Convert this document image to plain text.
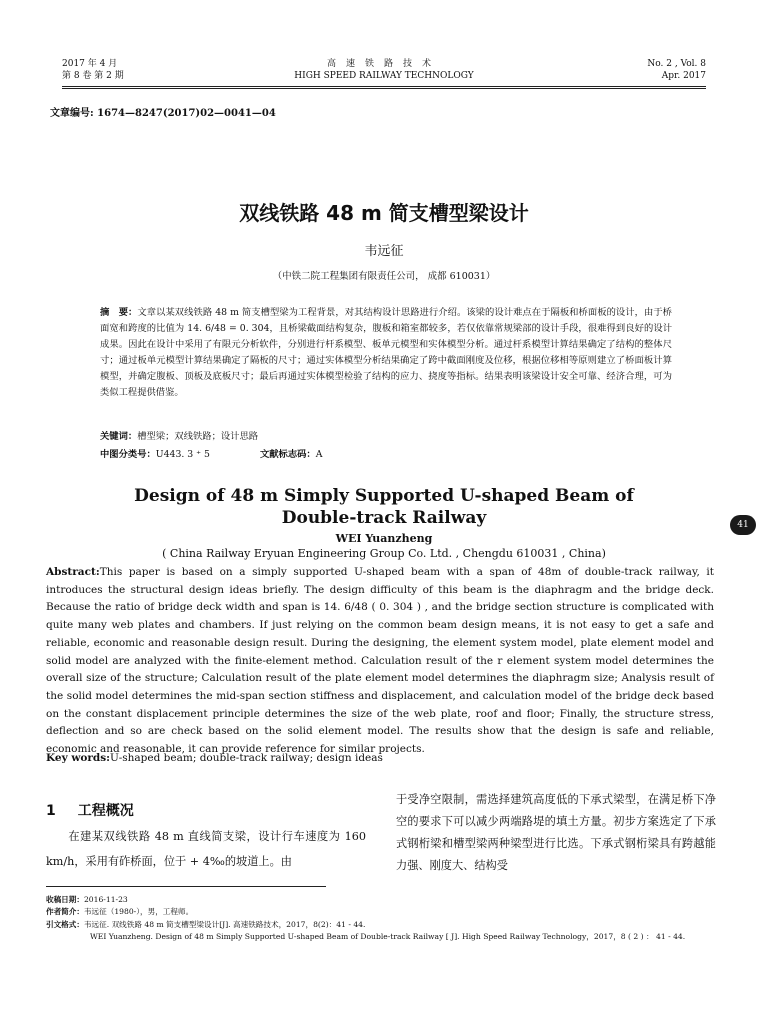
2017 年 4 月
第 8 卷 第 2 期
高速铁路技术
HIGH SPEED RAILWAY TECHNOLOGY
No. 2 , Vol. 8
Apr. 2017
文章编号: 1674—8247(2017)02—0041—04
双线铁路 48 m 简支槽型梁设计
韦远征
（中铁二院工程集团有限责任公司， 成都 610031）
摘　要：文章以某双线铁路 48 m 简支槽型梁为工程背景，对其结构设计思路进行介绍。该梁的设计难点在于隔板和桥面板的设计，由于桥面宽和跨度的比值为 14. 6/48 = 0. 304，且桥梁截面结构复杂，腹板和箱室都较多，若仅依靠常规梁部的设计手段，很难得到良好的设计成果。因此在设计中采用了有限元分析软件，分别进行杆系模型、板单元模型和实体模型分析。通过杆系模型计算结果确定了结构的整体尺寸；通过板单元模型计算结果确定了隔板的尺寸；通过实体模型分析结果确定了跨中截面刚度及位移，根据位移相等原则建立了桥面板计算模型，并确定腹板、顶板及底板尺寸；最后再通过实体模型检验了结构的应力、挠度等指标。结果表明该梁设计安全可靠、经济合理，可为类似工程提供借鉴。
关键词：槽型梁；双线铁路；设计思路
中图分类号：U443. 3 ⁺ 5	文献标志码：A
Design of 48 m Simply Supported U-shaped Beam of Double-track Railway
WEI Yuanzheng
( China Railway Eryuan Engineering Group Co. Ltd. , Chengdu 610031 , China)
Abstract:This paper is based on a simply supported U-shaped beam with a span of 48m of double-track railway, it introduces the structural design ideas briefly. The design difficulty of this beam is the diaphragm and the bridge deck. Because the ratio of bridge deck width and span is 14. 6/48 ( 0. 304 ) , and the bridge section structure is complicated with quite many web plates and chambers. If just relying on the common beam design means, it is not easy to get a safe and reliable, economic and reasonable design result. During the designing, the element system model, plate element model and solid model are analyzed with the finite-element method. Calculation result of the r element system model determines the overall size of the structure; Calculation result of the plate element model determines the diaphragm size; Analysis result of the solid model determines the mid-span section stiffness and displacement, and calculation model of the bridge deck based on the constant displacement principle determines the size of the web plate, roof and floor; Finally, the structure stress, deflection and so are check based on the solid element model. The results show that the design is safe and reliable, economic and reasonable, it can provide reference for similar projects.
Key words:U-shaped beam; double-track railway; design ideas
41
1 工程概况
在建某双线铁路 48 m 直线简支梁，设计行车速度为 160 km/h，采用有砟桥面，位于 + 4‰的坡道上。由
于受净空限制，需选择建筑高度低的下承式梁型，在满足桥下净空的要求下可以减少两端路堤的填土方量。初步方案选定了下承式钢桁梁和槽型梁两种梁型进行比选。下承式钢桁梁具有跨越能力强、刚度大、结构受
收稿日期：2016-11-23
作者简介：韦远征（1980-），男，工程师。
引文格式：韦远征. 双线铁路 48 m 简支槽型梁设计[J]. 高速铁路技术，2017，8(2)：41 - 44.
WEI Yuanzheng. Design of 48 m Simply Supported U-shaped Beam of Double-track Railway [ J]. High Speed Railway Technology，2017，8 ( 2 ) ： 41 - 44.
